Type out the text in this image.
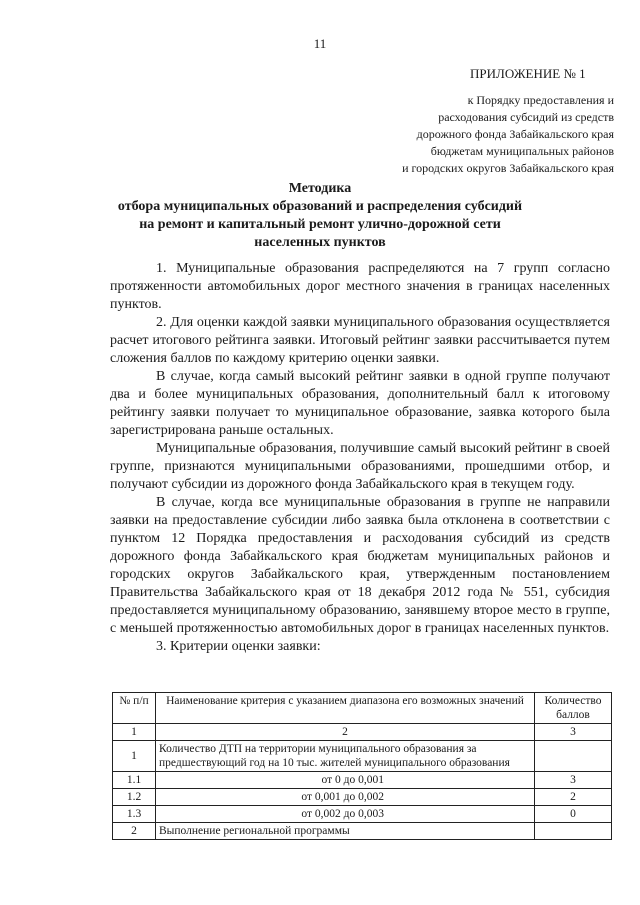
11
ПРИЛОЖЕНИЕ № 1
к Порядку предоставления и
расходования субсидий из средств
дорожного фонда Забайкальского края
бюджетам муниципальных районов
и городских округов Забайкальского края
Методика
отбора муниципальных образований и распределения субсидий на ремонт и капитальный ремонт улично-дорожной сети населенных пунктов

1. Муниципальные образования распределяются на 7 групп согласно протяженности автомобильных дорог местного значения в границах населенных пунктов.

2. Для оценки каждой заявки муниципального образования осуществляется расчет итогового рейтинга заявки. Итоговый рейтинг заявки рассчитывается путем сложения баллов по каждому критерию оценки заявки.

В случае, когда самый высокий рейтинг заявки в одной группе получают два и более муниципальных образования, дополнительный балл к итоговому рейтингу заявки получает то муниципальное образование, заявка которого была зарегистрирована раньше остальных.

Муниципальные образования, получившие самый высокий рейтинг в своей группе, признаются муниципальными образованиями, прошедшими отбор, и получают субсидии из дорожного фонда Забайкальского края в текущем году.

В случае, когда все муниципальные образования в группе не направили заявки на предоставление субсидии либо заявка была отклонена в соответствии с пунктом 12 Порядка предоставления и расходования субсидий из средств дорожного фонда Забайкальского края бюджетам муниципальных районов и городских округов Забайкальского края, утвержденным постановлением Правительства Забайкальского края от 18 декабря 2012 года № 551, субсидия предоставляется муниципальному образованию, занявшему второе место в группе, с меньшей протяженностью автомобильных дорог в границах населенных пунктов.

3. Критерии оценки заявки:

№ п/п	Наименование критерия с указанием диапазона его возможных значений	Количество баллов
1	2	3
1	Количество ДТП на территории муниципального образования за предшествующий год на 10 тыс. жителей муниципального образования	
1.1	от 0 до 0,001	3
1.2	от 0,001 до 0,002	2
1.3	от 0,002 до 0,003	0
2	Выполнение региональной программы	
